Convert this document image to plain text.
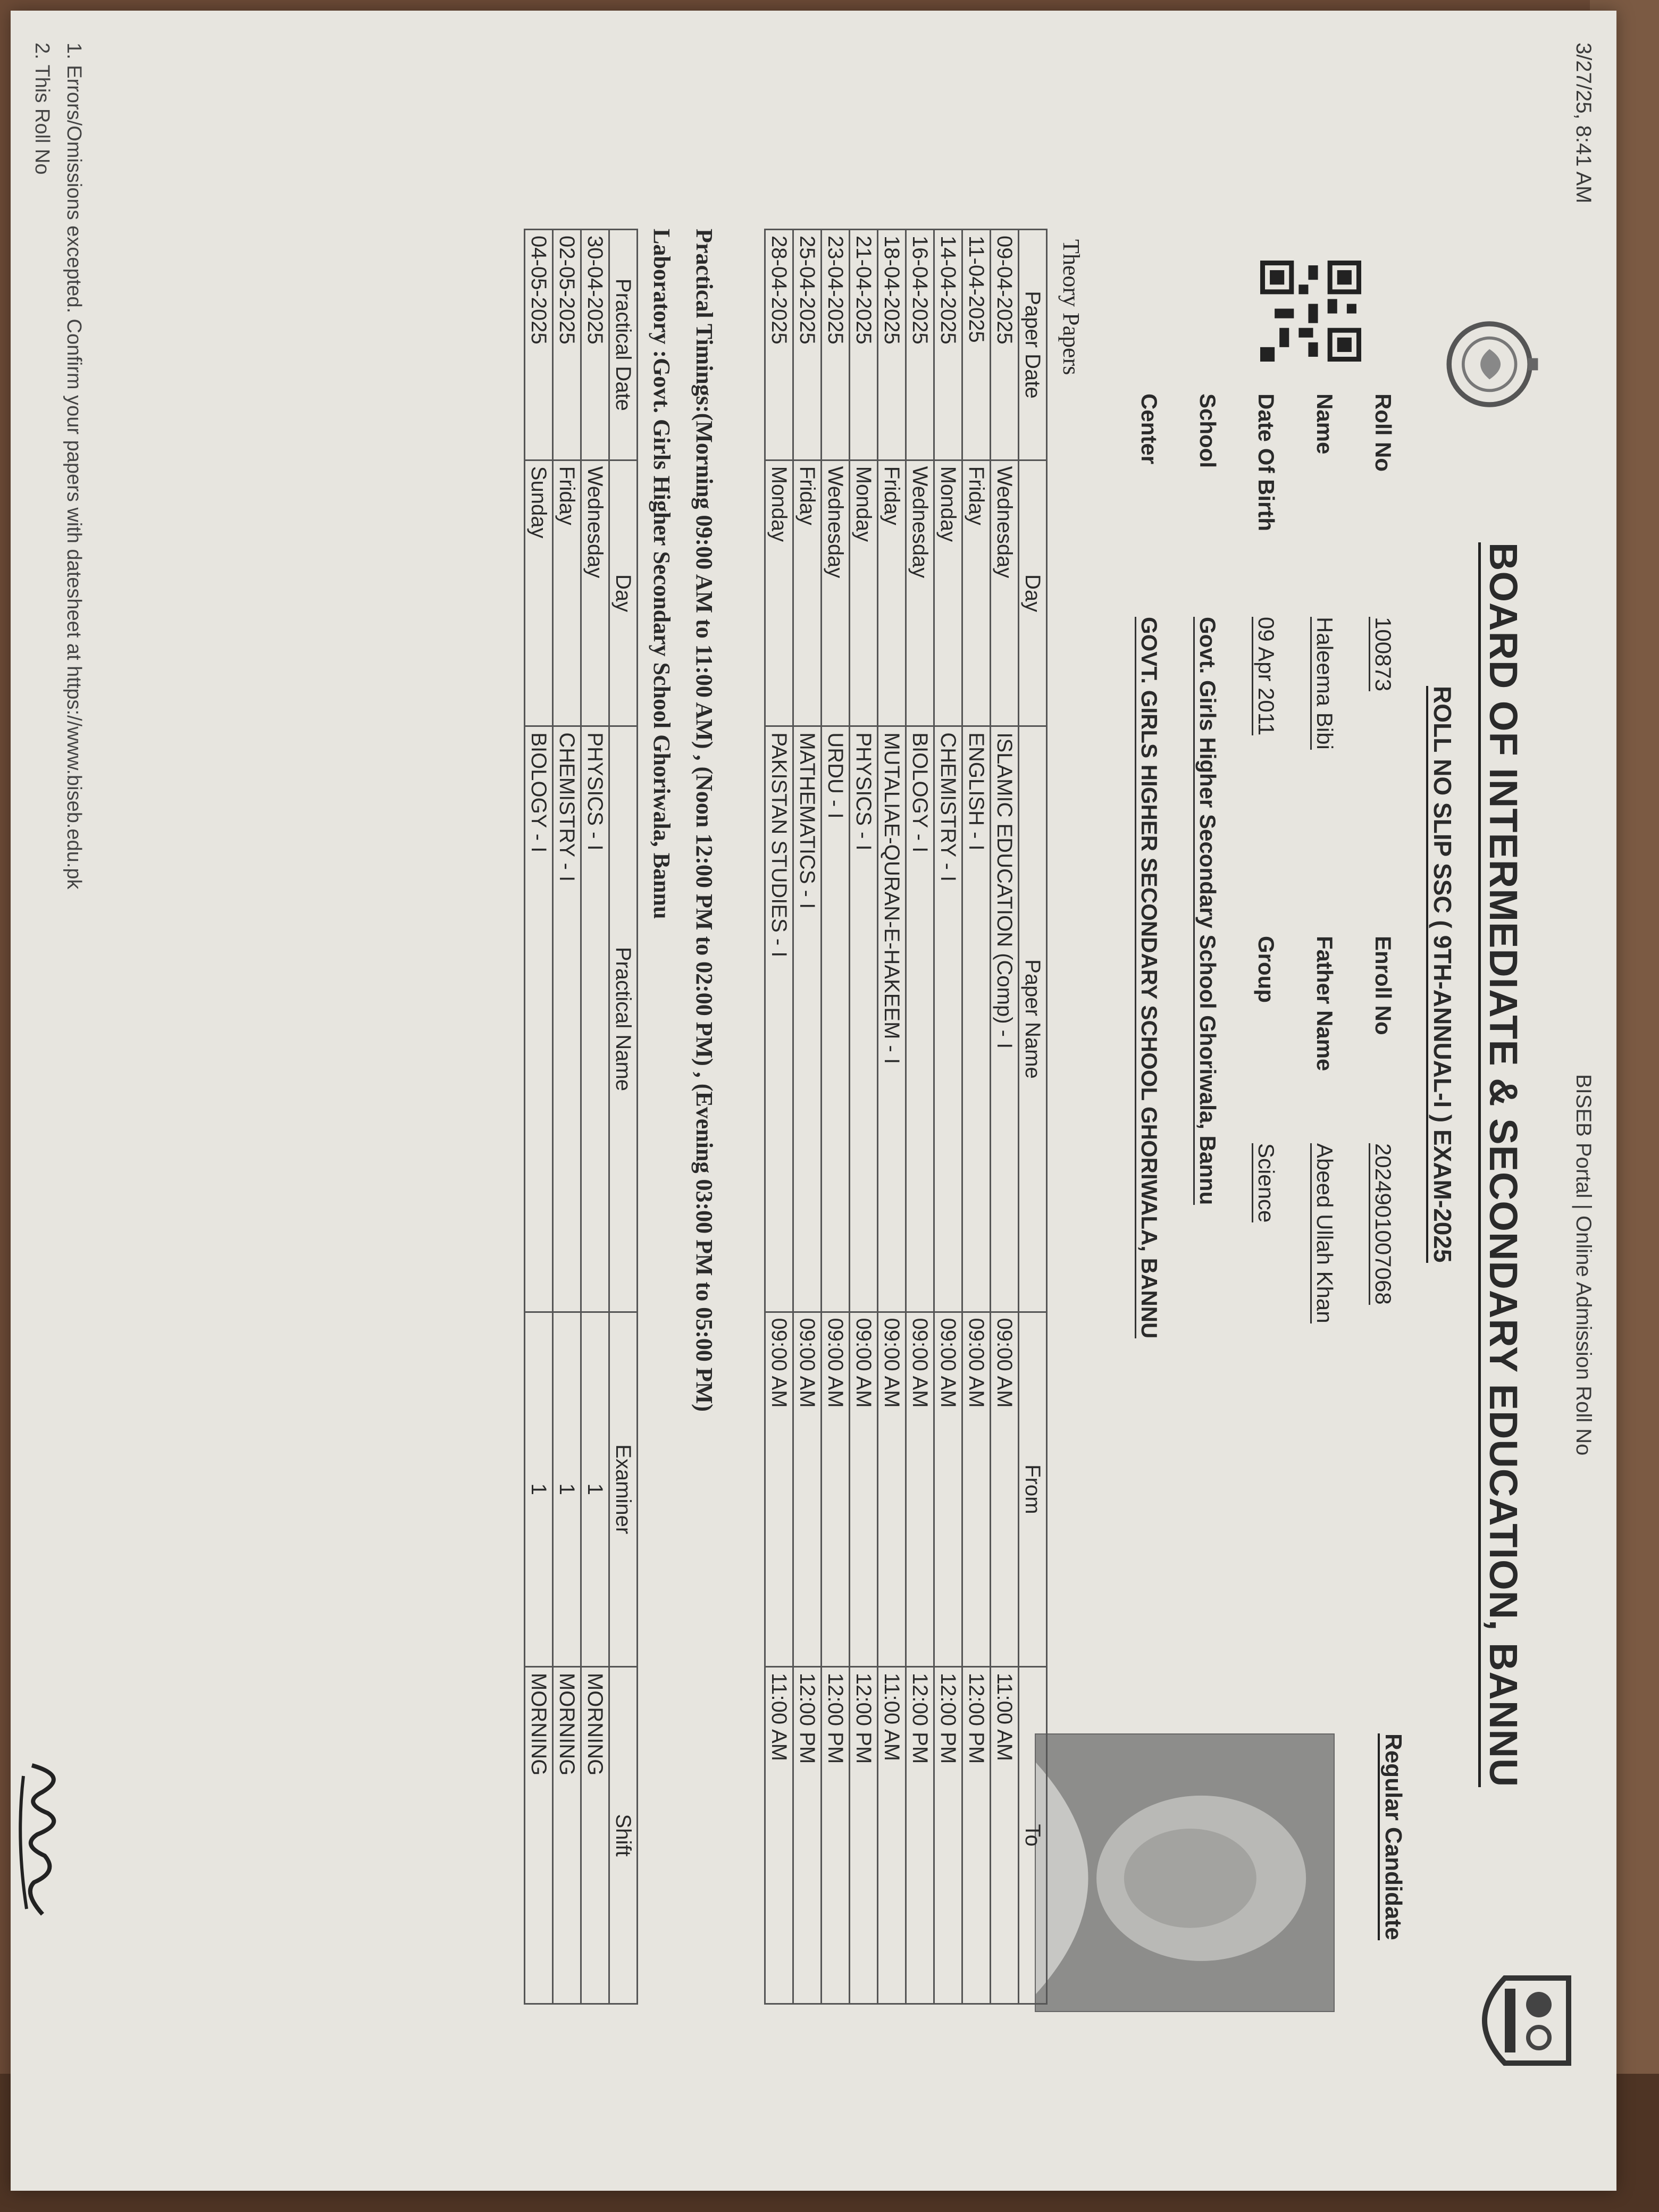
3/27/25, 8:41 AM
BISEB Portal | Online Admission Roll No
BOARD OF INTERMEDIATE & SECONDARY EDUCATION, BANNU
ROLL NO SLIP SSC ( 9TH-ANNUAL-I ) EXAM-2025
Regular Candidate
Roll No
100873
Enroll No
2024901007068
Name
Haleema Bibi
Father Name
Abeed Ullah Khan
Date Of Birth
09 Apr 2011
Group
Science
School
Govt. Girls Higher Secondary School Ghoriwala, Bannu
Center
GOVT. GIRLS HIGHER SECONDARY SCHOOL GHORIWALA, BANNU
Theory Papers
Paper Date	Day	Paper Name	From	To
09-04-2025	Wednesday	ISLAMIC EDUCATION (Comp) - I	09:00 AM	11:00 AM
11-04-2025	Friday	ENGLISH - I	09:00 AM	12:00 PM
14-04-2025	Monday	CHEMISTRY - I	09:00 AM	12:00 PM
16-04-2025	Wednesday	BIOLOGY - I	09:00 AM	12:00 PM
18-04-2025	Friday	MUTALIAE-QURAN-E-HAKEEM - I	09:00 AM	11:00 AM
21-04-2025	Monday	PHYSICS - I	09:00 AM	12:00 PM
23-04-2025	Wednesday	URDU - I	09:00 AM	12:00 PM
25-04-2025	Friday	MATHEMATICS - I	09:00 AM	12:00 PM
28-04-2025	Monday	PAKISTAN STUDIES - I	09:00 AM	11:00 AM
Practical Timings:(Morning 09:00 AM to 11:00 AM) , (Noon 12:00 PM to 02:00 PM) , (Evening 03:00 PM to 05:00 PM)
Laboratory :Govt. Girls Higher Secondary School Ghoriwala, Bannu
Practical Date	Day	Practical Name	Examiner	Shift
30-04-2025	Wednesday	PHYSICS - I	1	MORNING
02-05-2025	Friday	CHEMISTRY - I	1	MORNING
04-05-2025	Sunday	BIOLOGY - I	1	MORNING
1. Errors/Omissions excepted. Confirm your papers with datesheet at https://www.biseb.edu.pk
2. This Roll No
